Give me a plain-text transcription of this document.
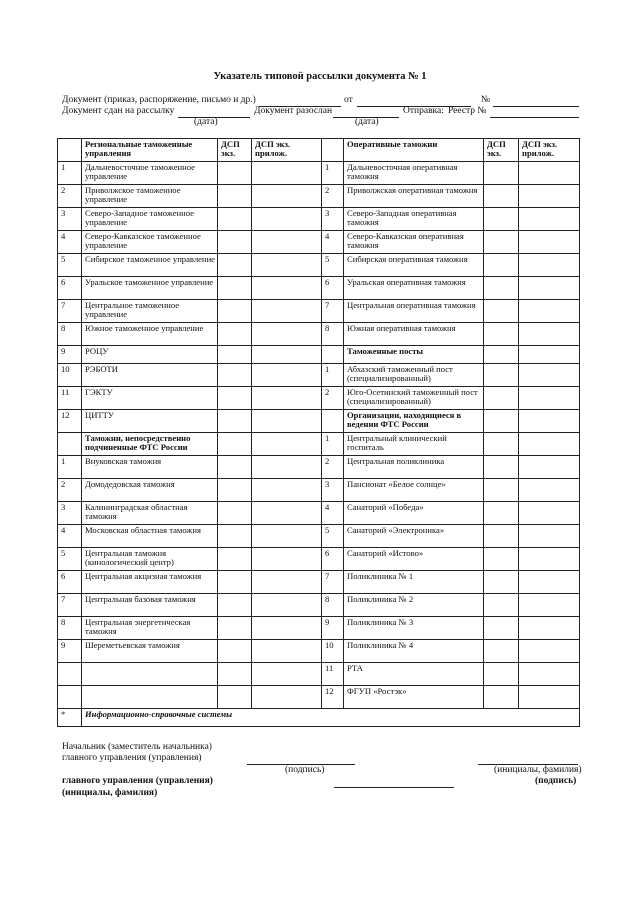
Указатель типовой рассылки документа № 1
Документ (приказ, распоряжение, письмо и др.)	от	№
Документ сдан на рассылку	Документ разослан	Отправка: Реестр №
(дата)	(дата)
	Региональные таможенные управления	ДСП экз.	ДСП экз. прилож.		Оперативные таможни	ДСП экз.	ДСП экз. прилож.
1	Дальневосточное таможенное управление			1	Дальневосточная оперативная таможня		
2	Приволжское таможенное управление			2	Приволжская оперативная таможня		
3	Северо-Западное таможенное управление			3	Северо-Западная оперативная таможня		
4	Северо-Кавказское таможенное управление			4	Северо-Кавказская оперативная таможня		
5	Сибирское таможенное управление			5	Сибирская оперативная таможня		
6	Уральское таможенное управление			6	Уральская оперативная таможня		
7	Центральное таможенное управление			7	Центральная оперативная таможня		
8	Южное таможенное управление			8	Южная оперативная таможня		
9	РОЦУ				Таможенные посты		
10	РЭБОТИ			1	Абхазский таможенный пост (специализированный)		
11	ГЭКТУ			2	Юго-Осетинский таможенный пост (специализированный)		
12	ЦИТТУ				Организации, находящиеся в ведении ФТС России		
	Таможни, непосредственно подчиненные ФТС России			1	Центральный клинический госпиталь		
1	Внуковская таможня			2	Центральная поликлиника		
2	Домодедовская таможня			3	Пансионат «Белое солнце»		
3	Калининградская областная таможня			4	Санаторий «Победа»		
4	Московская областная таможня			5	Санаторий «Электроника»		
5	Центральная таможня (кинологический центр)			6	Санаторий «Истово»		
6	Центральная акцизная таможня			7	Поликлиника № 1		
7	Центральная базовая таможня			8	Поликлиника № 2		
8	Центральная энергетическая таможня			9	Поликлиника № 3		
9	Шереметьевская таможня			10	Поликлиника № 4		
				11	РТА		
				12	ФГУП «Ростэк»		
*	Информационно-справочные системы						
Начальник (заместитель начальника)
главного управления (управления)
(подпись)	(инициалы, фамилия)
главного управления (управления)	(подпись)
(инициалы, фамилия)
